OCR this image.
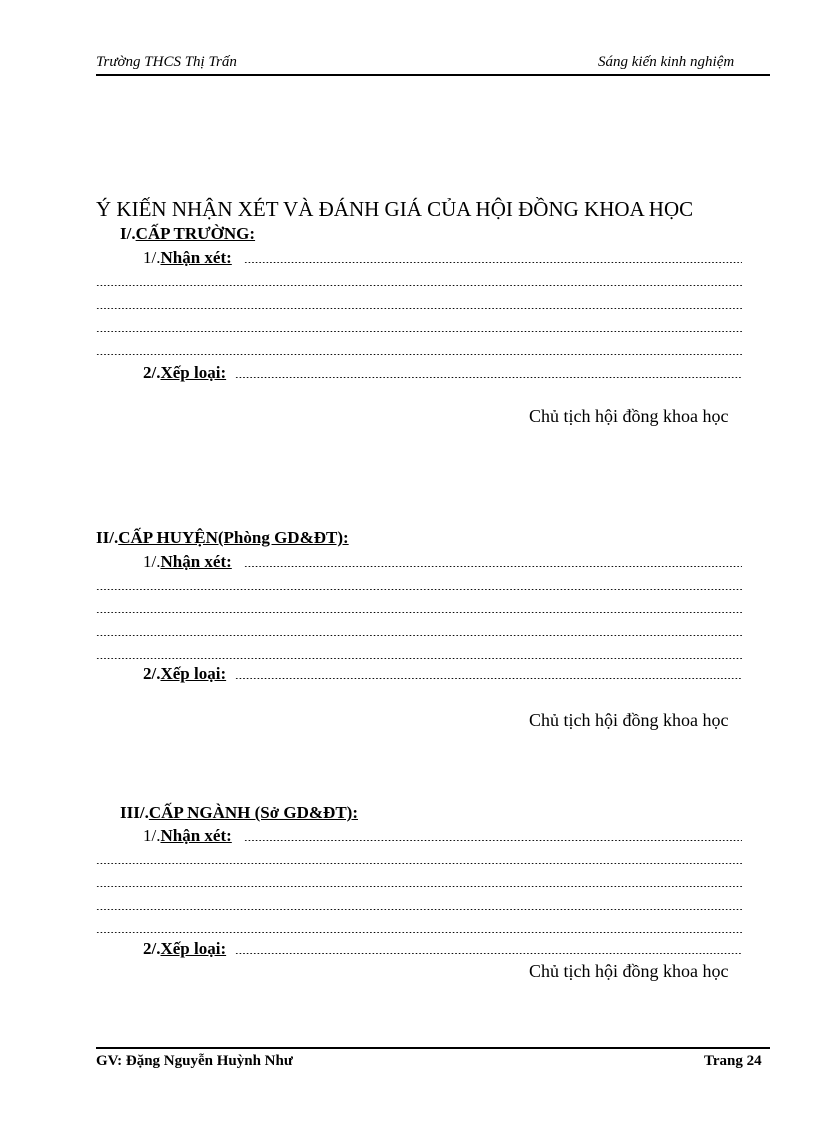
Trường THCS Thị Trấn	Sáng kiến kinh nghiệm
Ý KIẾN NHẬN XÉT VÀ ĐÁNH GIÁ CỦA HỘI ĐỒNG KHOA HỌC
I/.CẤP TRƯỜNG:
1/.Nhận xét:
2/.Xếp loại:
Chủ tịch hội đồng khoa học
II/.CẤP HUYỆN(Phòng GD&ĐT):
1/.Nhận xét:
2/.Xếp loại:
Chủ tịch hội đồng khoa học
III/.CẤP NGÀNH (Sở GD&ĐT):
1/.Nhận xét:
2/.Xếp loại:
Chủ tịch hội đồng khoa học
GV: Đặng Nguyễn Huỳnh Như	Trang 24
